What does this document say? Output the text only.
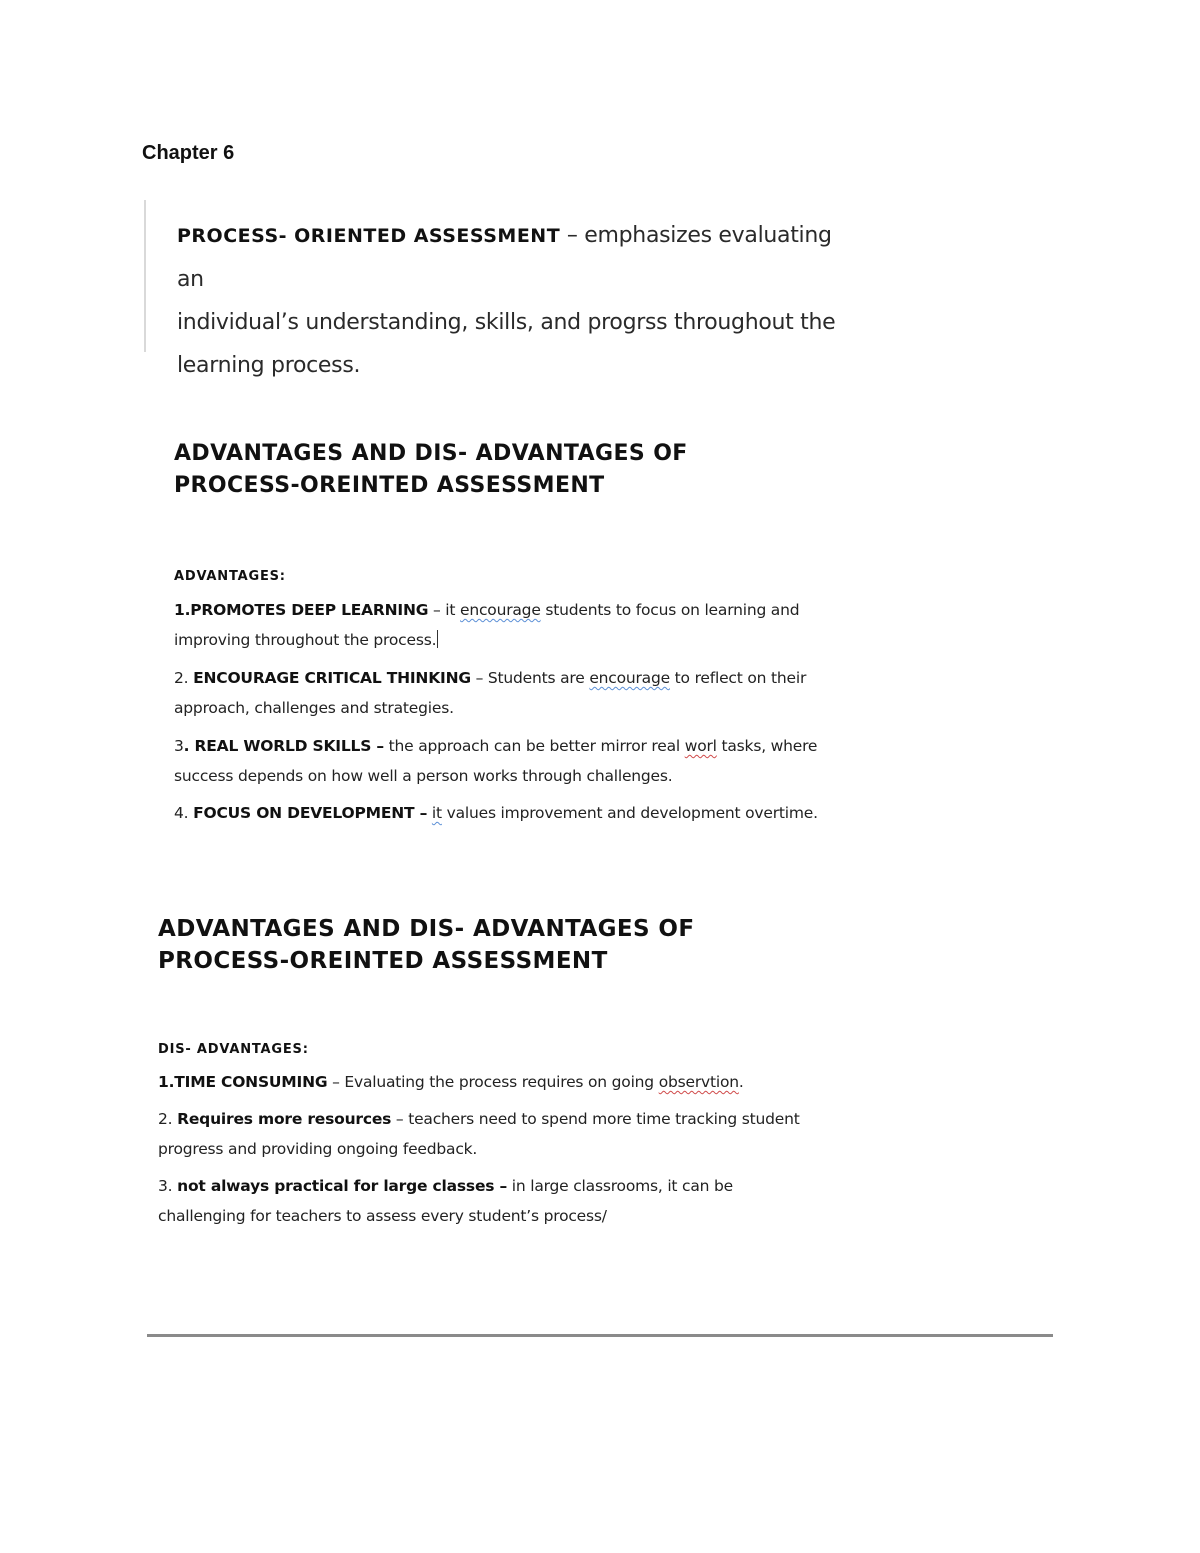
Chapter 6
PROCESS- ORIENTED ASSESSMENT – emphasizes evaluating an
individual’s understanding, skills, and progrss throughout the
learning process.
ADVANTAGES AND DIS- ADVANTAGES OF
PROCESS-OREINTED ASSESSMENT
ADVANTAGES:
1.PROMOTES DEEP LEARNING – it encourage students to focus on learning and
improving throughout the process.
2. ENCOURAGE CRITICAL THINKING – Students are encourage to reflect on their
approach, challenges and strategies.
3. REAL WORLD SKILLS – the approach can be better mirror real worl tasks, where
success depends on how well a person works through challenges.
4. FOCUS ON DEVELOPMENT – it values improvement and development overtime.
ADVANTAGES AND DIS- ADVANTAGES OF
PROCESS-OREINTED ASSESSMENT
DIS- ADVANTAGES:
1.TIME CONSUMING – Evaluating the process requires on going observtion.
2. Requires more resources – teachers need to spend more time tracking student
progress and providing ongoing feedback.
3. not always practical for large classes – in large classrooms, it can be
challenging for teachers to assess every student’s process/
